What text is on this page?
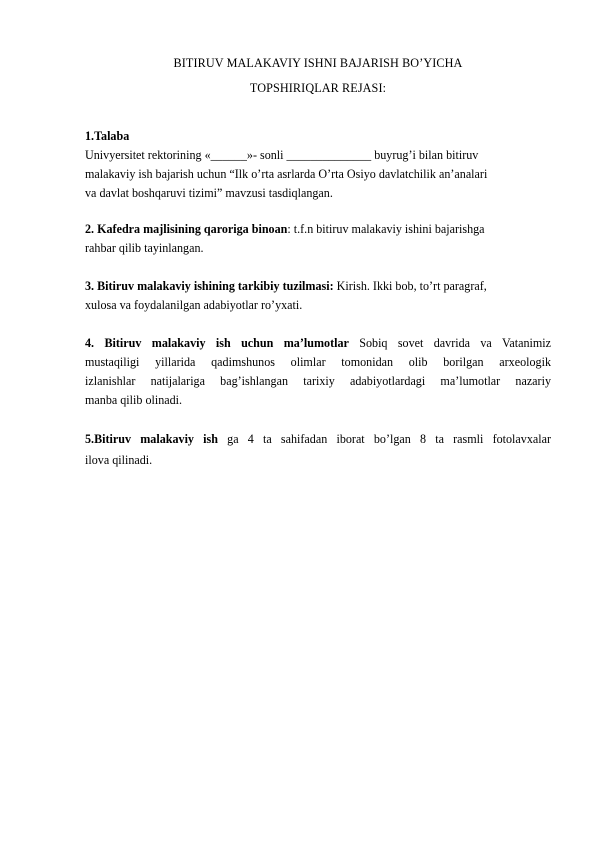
BITIRUV MALAKAVIY ISHNI BAJARISH BO’YICHA
TOPSHIRIQLAR REJASI:
1.Talaba
Univyersitet rektorining «______»- sonli ______________ buyrug’i bilan bitiruv
malakaviy ish bajarish uchun “Ilk o’rta asrlarda O’rta Osiyo davlatchilik an’analari
va davlat boshqaruvi tizimi” mavzusi tasdiqlangan.
2. Kafedra majlisining qaroriga binoan: t.f.n bitiruv malakaviy ishini bajarishga
rahbar qilib tayinlangan.
3. Bitiruv malakaviy ishining tarkibiy tuzilmasi: Kirish. Ikki bob, to’rt paragraf,
xulosa va foydalanilgan adabiyotlar ro’yxati.
4. Bitiruv malakaviy ish uchun ma’lumotlar Sobiq sovet davrida va Vatanimiz
mustaqiligi yillarida qadimshunos olimlar tomonidan olib borilgan arxeologik
izlanishlar natijalariga bag’ishlangan tarixiy adabiyotlardagi ma’lumotlar nazariy
manba qilib olinadi.
5.Bitiruv malakaviy ish ga 4 ta sahifadan iborat bo’lgan 8 ta rasmli fotolavxalar
ilova qilinadi.
